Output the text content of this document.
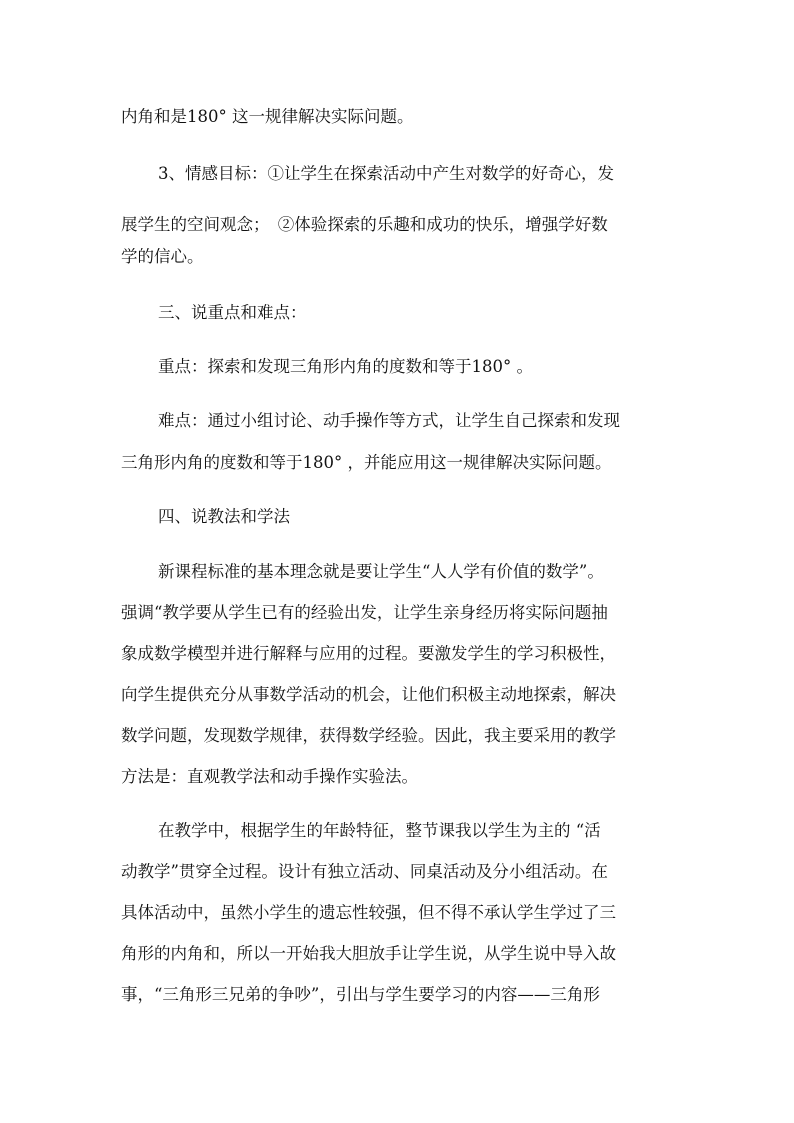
内角和是180° 这一规律解决实际问题。
3、情感目标：①让学生在探索活动中产生对数学的好奇心，发
展学生的空间观念；　②体验探索的乐趣和成功的快乐，增强学好数
学的信心。
三、说重点和难点：
重点：探索和发现三角形内角的度数和等于180° 。
难点：通过小组讨论、动手操作等方式，让学生自己探索和发现
三角形内角的度数和等于180° ，并能应用这一规律解决实际问题。
四、说教法和学法
新课程标准的基本理念就是要让学生“人人学有价值的数学”。
强调“教学要从学生已有的经验出发，让学生亲身经历将实际问题抽
象成数学模型并进行解释与应用的过程。要激发学生的学习积极性，
向学生提供充分从事数学活动的机会，让他们积极主动地探索，解决
数学问题，发现数学规律，获得数学经验。因此，我主要采用的教学
方法是：直观教学法和动手操作实验法。
在教学中，根据学生的年龄特征，整节课我以学生为主的 “活
动教学”贯穿全过程。设计有独立活动、同桌活动及分小组活动。在
具体活动中，虽然小学生的遗忘性较强，但不得不承认学生学过了三
角形的内角和，所以一开始我大胆放手让学生说，从学生说中导入故
事，“三角形三兄弟的争吵”，引出与学生要学习的内容——三角形
